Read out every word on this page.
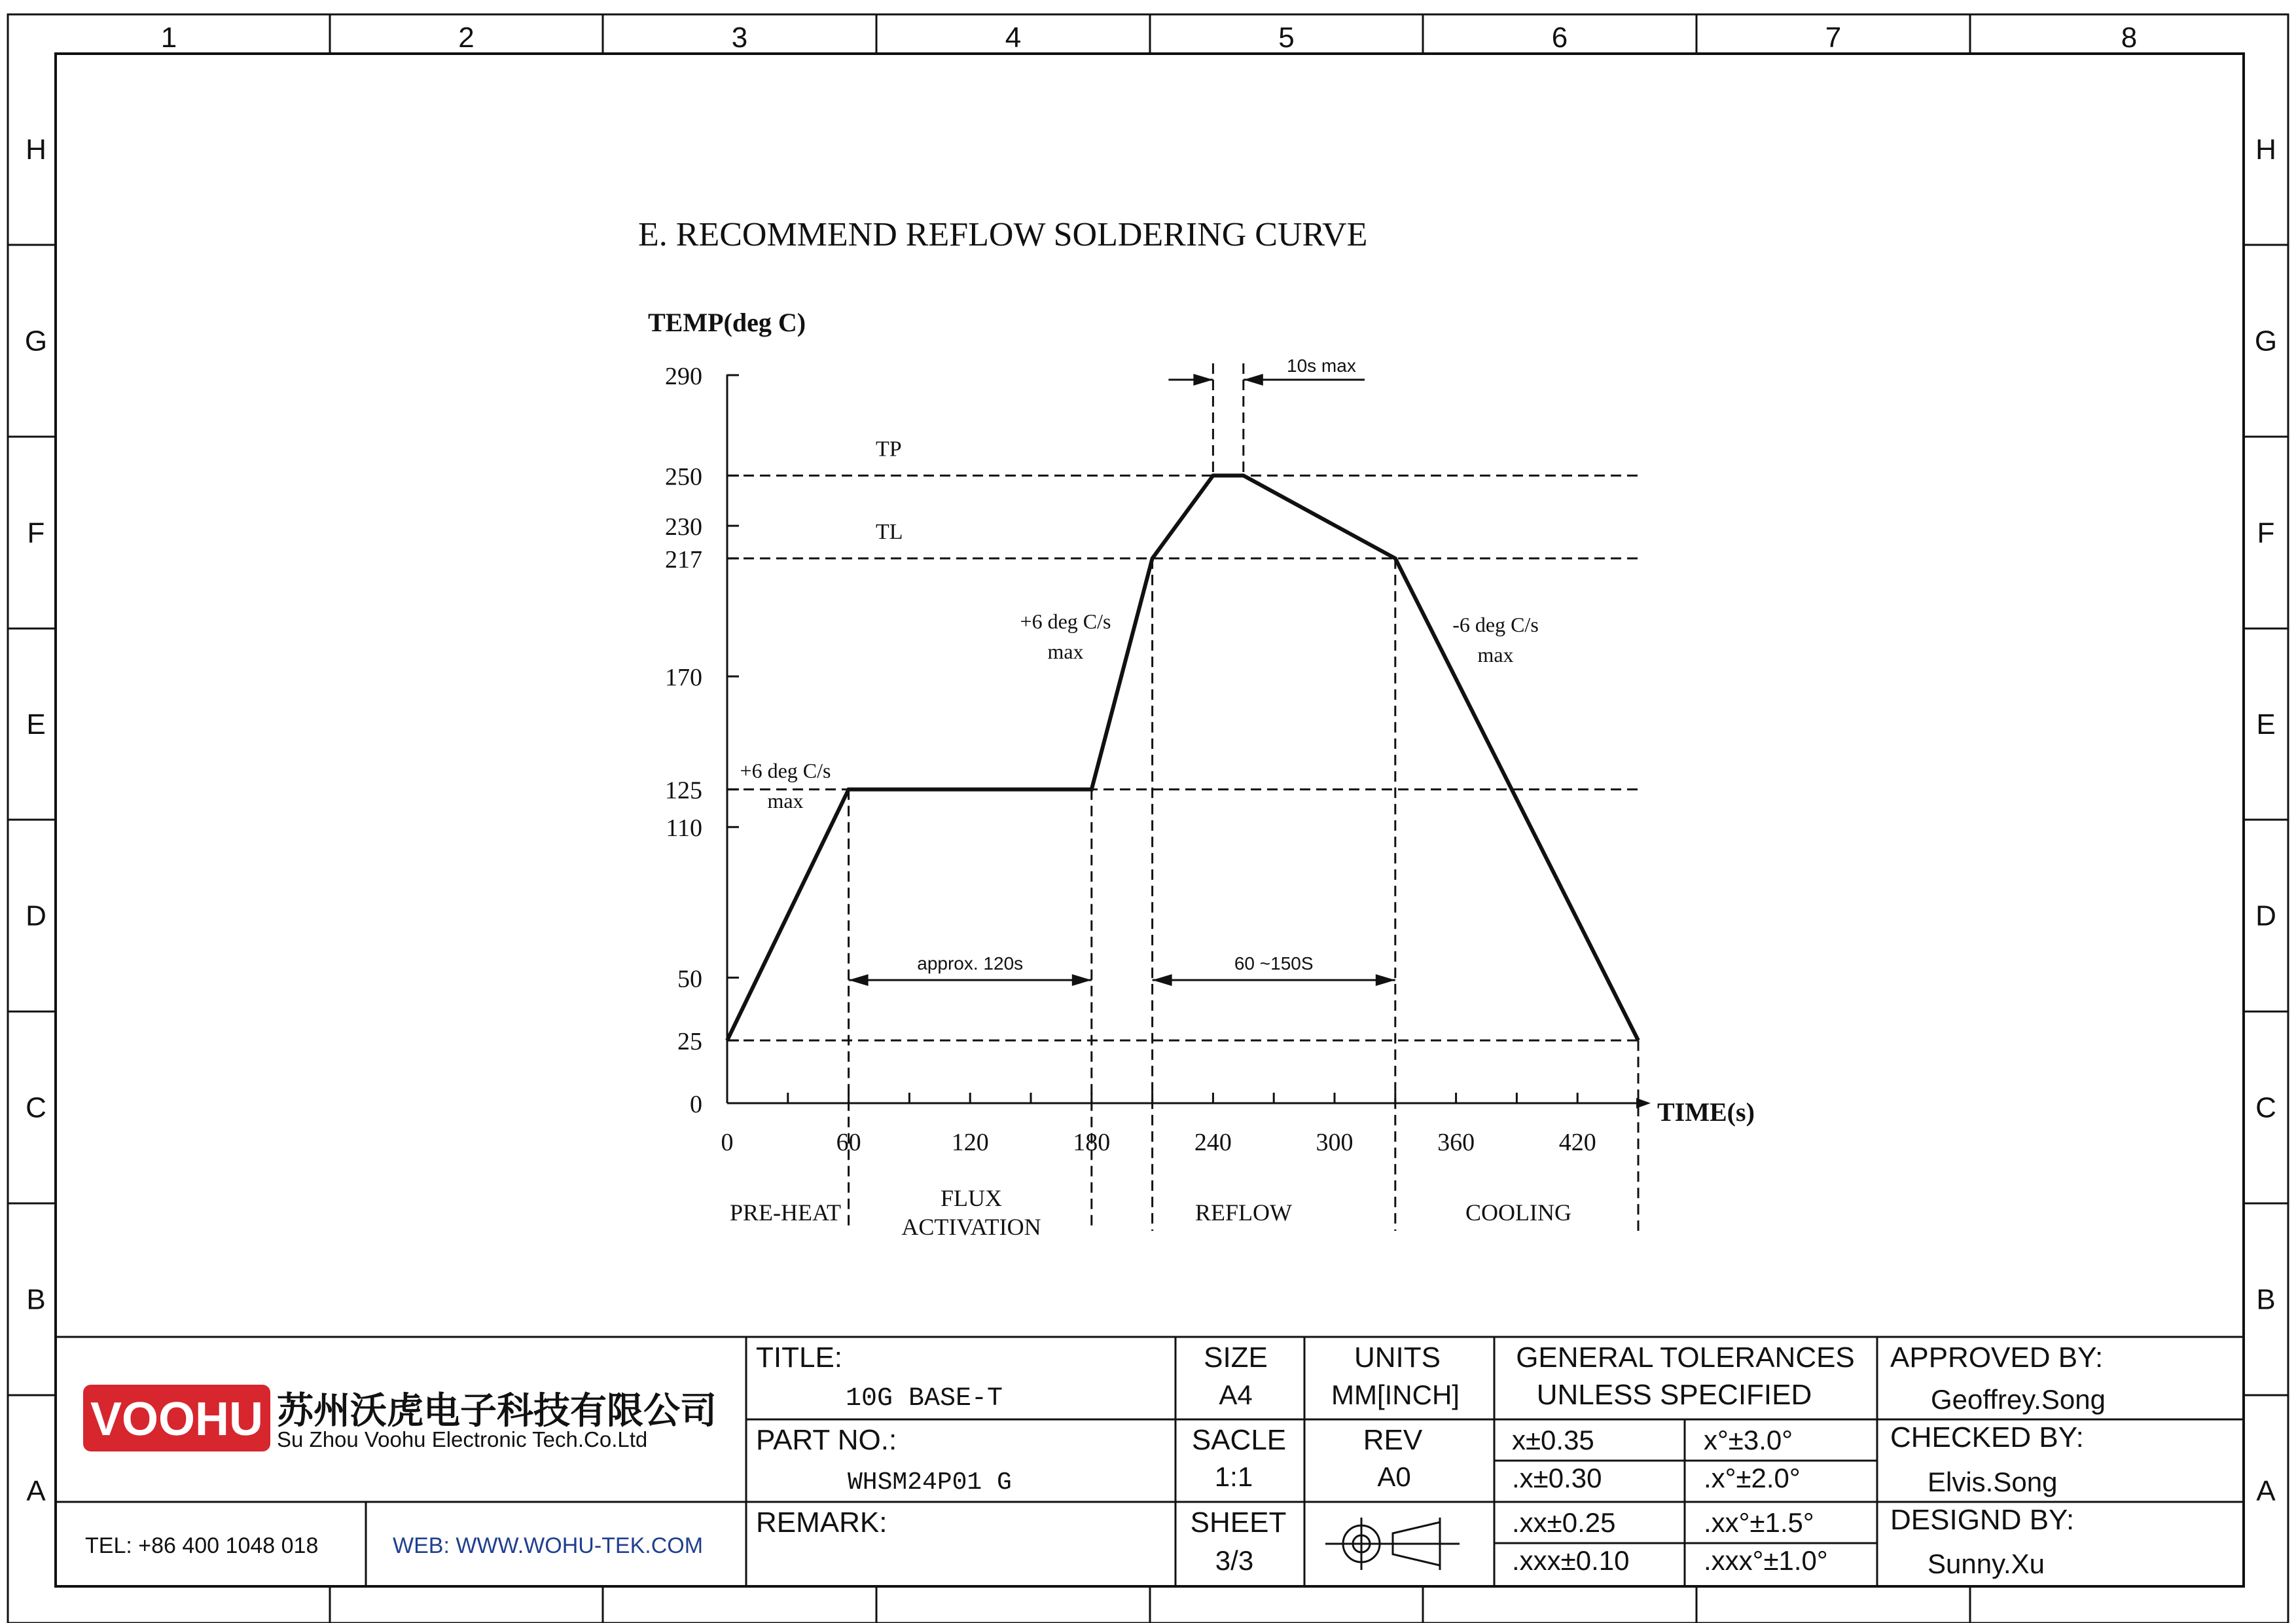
1	2	3	4	5	6	7	8
H	H
G	G
F	F
E	E
D	D
C	C
B	B
A	A
E. RECOMMEND REFLOW SOLDERING CURVE
TEMP(deg C)
TIME(s)
0
25
50
110
125
170
217
230
250
290
0	60	120	180	240	300	360	420
approx. 120s	60 ~150S
10s max
TP
TL
+6 deg C/s
max
+6 deg C/s
max
-6 deg C/s
max
PRE-HEAT
FLUX
ACTIVATION
REFLOW	COOLING
VOOHU 苏州沃虎电子科技有限公司
Su Zhou Voohu Electronic Tech.Co.Ltd
TEL: +86 400 1048 018	WEB: WWW.WOHU-TEK.COM
TITLE:
10G BASE-T
PART NO.:
WHSM24P01 G
REMARK:
SIZE
A4
SACLE
1:1
SHEET
3/3
UNITS
MM[INCH]
REV
A0
GENERAL TOLERANCES
UNLESS SPECIFIED
x±0.35	x°±3.0°
.x±0.30	.x°±2.0°
.xx±0.25	.xx°±1.5°
.xxx±0.10	.xxx°±1.0°
APPROVED BY:
Geoffrey.Song
CHECKED BY:
Elvis.Song
DESIGND BY:
Sunny.Xu
